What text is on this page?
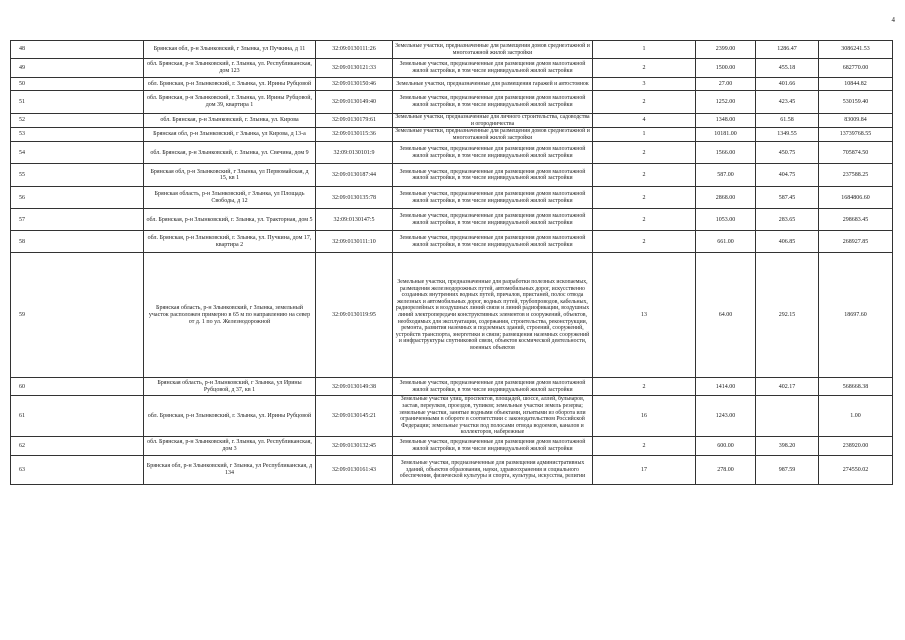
4
48	Брянская обл, р-н Злынковский, г Злынка, ул Пучкина, д 11	32:09:0130111:26	Земельные участки, предназначенные для размещения домов среднеэтажной и многоэтажной жилой застройки	1	2399.00	1286.47	3086241.53
49	обл. Брянская, р-н Злынковский, г. Злынка, ул. Республиканская, дом 123	32:09:0130121:33	Земельные участки, предназначенные для размещения домов малоэтажной жилой застройки, в том числе индивидуальной жилой застройки	2	1500.00	455.18	682770.00
50	обл. Брянская, р-н Злынковский, г. Злынка, ул. Ирины Рубцовой	32:09:0130150:46	Земельные участки, предназначенные для размещения гаражей и автостоянок	3	27.00	401.66	10844.82
51	обл. Брянская, р-н Злынковский, г. Злынка, ул. Ирины Рубцовой, дом 39, квартира 1	32:09:0130149:40	Земельные участки, предназначенные для размещения домов малоэтажной жилой застройки, в том числе индивидуальной жилой застройки	2	1252.00	423.45	530159.40
52	обл. Брянская, р-н Злынковский, г. Злынка, ул. Кирова	32:09:0130179:61	Земельные участки, предназначенные для личного строительства, садоводства и огородничества	4	1348.00	61.58	83009.84
53	Брянская обл, р-н Злынковский, г Злынка, ул Кирова, д 13-а	32:09:0130115:36	Земельные участки, предназначенные для размещения домов среднеэтажной и многоэтажной жилой застройки	1	10181.00	1349.55	13739768.55
54	обл. Брянская, р-н Злынковский, г. Злынка, ул. Свечина, дом 9	32:09:0130101:9	Земельные участки, предназначенные для размещения домов малоэтажной жилой застройки, в том числе индивидуальной жилой застройки	2	1566.00	450.75	705874.50
55	Брянская обл, р-н Злынковский, г Злынка, ул Первомайская, д 15, кв 1	32:09:0130187:44	Земельные участки, предназначенные для размещения домов малоэтажной жилой застройки, в том числе индивидуальной жилой застройки	2	587.00	404.75	237588.25
56	Брянская область, р-н Злынковский, г Злынка, ул Площадь Свободы, д 12	32:09:0130135:78	Земельные участки, предназначенные для размещения домов малоэтажной жилой застройки, в том числе индивидуальной жилой застройки	2	2868.00	587.45	1684806.60
57	обл. Брянская, р-н Злынковский, г. Злынка, ул. Тракторная, дом 5	32:09:0130147:5	Земельные участки, предназначенные для размещения домов малоэтажной жилой застройки, в том числе индивидуальной жилой застройки	2	1053.00	283.65	298683.45
58	обл. Брянская, р-н Злынковский, г. Злынка, ул. Пучкина, дом 17, квартира 2	32:09:0130111:10	Земельные участки, предназначенные для размещения домов малоэтажной жилой застройки, в том числе индивидуальной жилой застройки	2	661.00	406.85	268927.85
59	Брянская область, р-н Злынковский, г Злынка, земельный участок расположен примерно в 65 м по направлению на север от д. 1 по ул. Железнодорожной	32:09:0130119:95	Земельные участки, предназначенные для разработки полезных ископаемых, размещения железнодорожных путей, автомобильных дорог, искусственно созданных внутренних водных путей, причалов, пристаней, полос отвода железных и автомобильных дорог, водных путей, трубопроводов, кабельных, радиорелейных и воздушных линий связи и линий радиофикации, воздушных линий электропередачи конструктивных элементов и сооружений, объектов, необходимых для эксплуатации, содержания, строительства, реконструкции, ремонта, развития наземных и подземных зданий, строений, сооружений, устройств транспорта, энергетики и связи; размещения наземных сооружений и инфраструктуры спутниковой связи, объектов космической деятельности, военных объектов	13	64.00	292.15	18697.60
60	Брянская область, р-н Злынковский, г Злынка, ул Ирины Рубцовой, д 37, кв 1	32:09:0130149:38	Земельные участки, предназначенные для размещения домов малоэтажной жилой застройки, в том числе индивидуальной жилой застройки	2	1414.00	402.17	568668.38
61	обл. Брянская, р-н Злынковский, г. Злынка, ул. Ирины Рубцовой	32:09:0130145:21	Земельные участки улиц, проспектов, площадей, шоссе, аллей, бульваров, застав, переулков, проездов, тупиков; земельные участки земель резерва; земельные участки, занятые водными объектами, изъятыми из оборота или ограниченными в обороте в соответствии с законодательством Российской Федерации; земельные участки под полосами отвода водоемов, каналов и коллекторов, набережные	16	1243.00		1.00
62	обл. Брянская, р-н Злынковский, г. Злынка, ул. Республиканская, дом 3	32:09:0130132:45	Земельные участки, предназначенные для размещения домов малоэтажной жилой застройки, в том числе индивидуальной жилой застройки	2	600.00	398.20	238920.00
63	Брянская обл, р-н Злынковский, г Злынка, ул Республиканская, д 134	32:09:0130161:43	Земельные участки, предназначенные для размещения административных зданий, объектов образования, науки, здравоохранения и социального обеспечения, физической культуры и спорта, культуры, искусства, религии	17	278.00	987.59	274550.02
